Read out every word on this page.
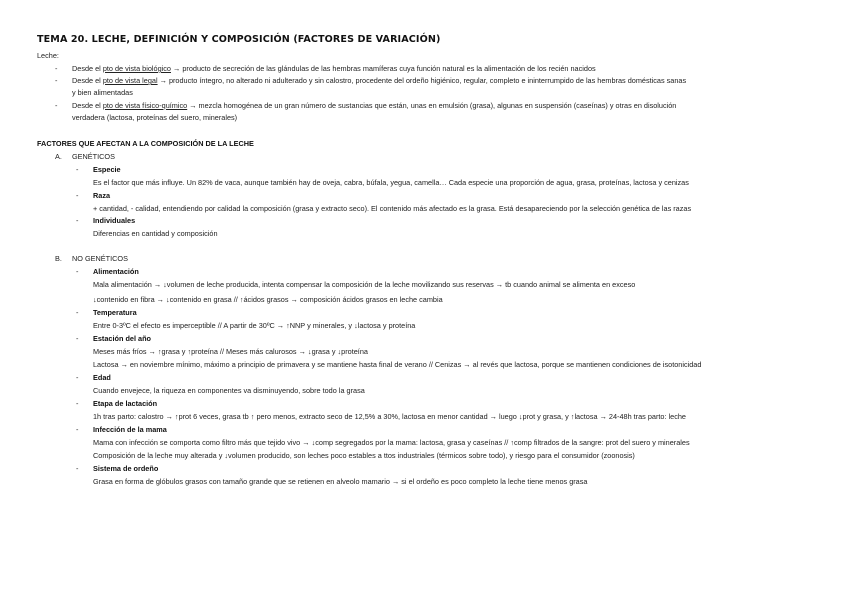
TEMA 20. LECHE, DEFINICIÓN Y COMPOSICIÓN (FACTORES DE VARIACIÓN)
Leche:
- Desde el pto de vista biológico → producto de secreción de las glándulas de las hembras mamíferas cuya función natural es la alimentación de los recién nacidos
- Desde el pto de vista legal → producto íntegro, no alterado ni adulterado y sin calostro, procedente del ordeño higiénico, regular, completo e ininterrumpido de las hembras domésticas sanas
y bien alimentadas
- Desde el pto de vista físico-químico → mezcla homogénea de un gran número de sustancias que están, unas en emulsión (grasa), algunas en suspensión (caseínas) y otras en disolución
verdadera (lactosa, proteínas del suero, minerales)
FACTORES QUE AFECTAN A LA COMPOSICIÓN DE LA LECHE
A. GENÉTICOS
- Especie
Es el factor que más influye. Un 82% de vaca, aunque también hay de oveja, cabra, búfala, yegua, camella… Cada especie una proporción de agua, grasa, proteínas, lactosa y cenizas
- Raza
+ cantidad, - calidad, entendiendo por calidad la composición (grasa y extracto seco). El contenido más afectado es la grasa. Está desapareciendo por la selección genética de las razas
- Individuales
Diferencias en cantidad y composición
B. NO GENÉTICOS
- Alimentación
Mala alimentación → ↓volumen de leche producida, intenta compensar la composición de la leche movilizando sus reservas → tb cuando animal se alimenta en exceso
↓contenido en fibra → ↓contenido en grasa // ↑ácidos grasos → composición ácidos grasos en leche cambia
- Temperatura
Entre 0-3ºC el efecto es imperceptible // A partir de 30ºC → ↑NNP y minerales, y ↓lactosa y proteína
- Estación del año
Meses más fríos → ↑grasa y ↑proteína // Meses más calurosos → ↓grasa y ↓proteína
Lactosa → en noviembre mínimo, máximo a principio de primavera y se mantiene hasta final de verano // Cenizas → al revés que lactosa, porque se mantienen condiciones de isotonicidad
- Edad
Cuando envejece, la riqueza en componentes va disminuyendo, sobre todo la grasa
- Etapa de lactación
1h tras parto: calostro → ↑prot 6 veces, grasa tb ↑ pero menos, extracto seco de 12,5% a 30%, lactosa en menor cantidad → luego ↓prot y grasa, y ↑lactosa → 24-48h tras parto: leche
- Infección de la mama
Mama con infección se comporta como filtro más que tejido vivo → ↓comp segregados por la mama: lactosa, grasa y caseínas // ↑comp filtrados de la sangre: prot del suero y minerales
Composición de la leche muy alterada y ↓volumen producido, son leches poco estables a ttos industriales (térmicos sobre todo), y riesgo para el consumidor (zoonosis)
- Sistema de ordeño
Grasa en forma de glóbulos grasos con tamaño grande que se retienen en alveolo mamario → si el ordeño es poco completo la leche tiene menos grasa
